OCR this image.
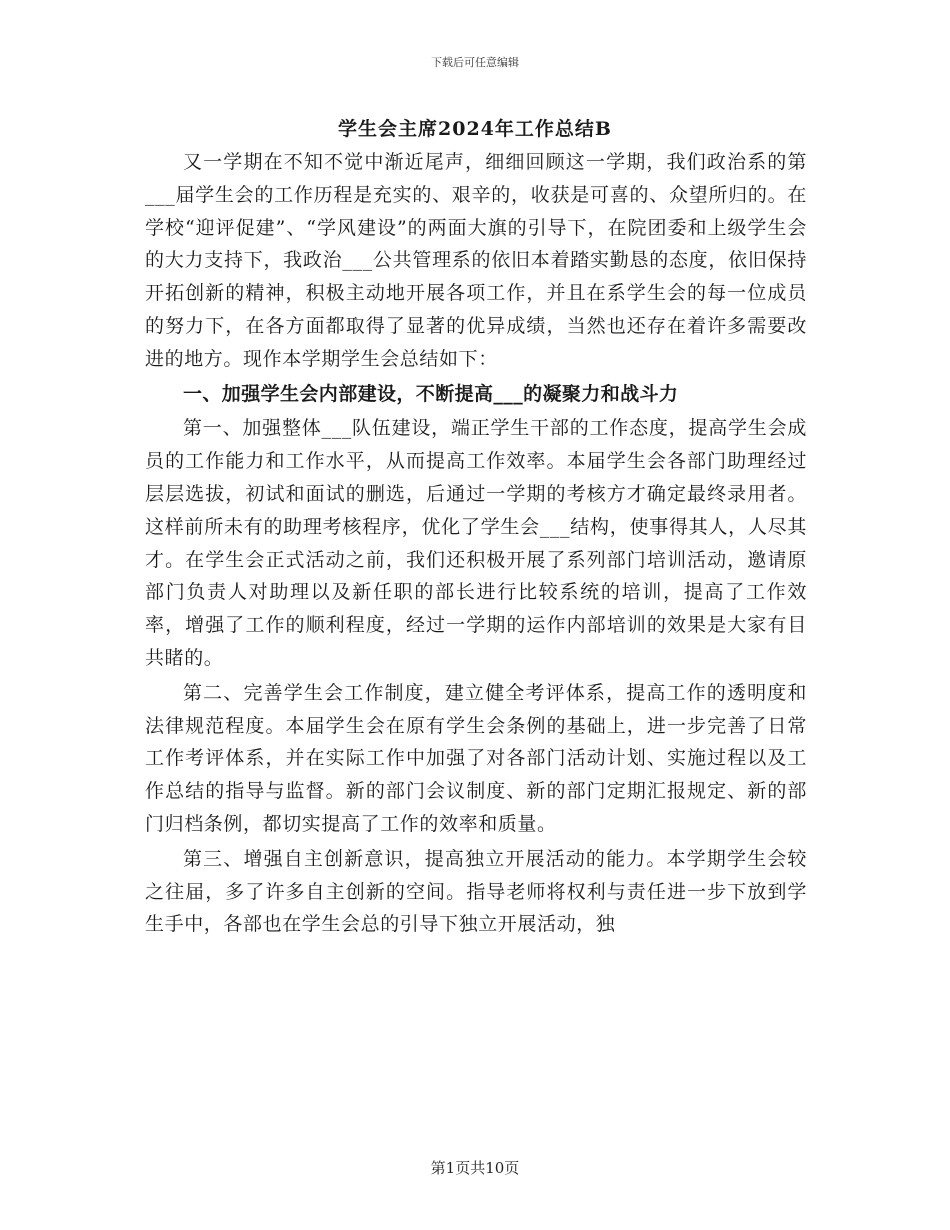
下载后可任意编辑
学生会主席2024年工作总结B

又一学期在不知不觉中渐近尾声，细细回顾这一学期，我们政治系的第___届学生会的工作历程是充实的、艰辛的，收获是可喜的、众望所归的。在学校“迎评促建”、“学风建设”的两面大旗的引导下，在院团委和上级学生会的大力支持下，我政治___公共管理系的依旧本着踏实勤恳的态度，依旧保持开拓创新的精神，积极主动地开展各项工作，并且在系学生会的每一位成员的努力下，在各方面都取得了显著的优异成绩，当然也还存在着许多需要改进的地方。现作本学期学生会总结如下：

一、加强学生会内部建设，不断提高___的凝聚力和战斗力

第一、加强整体___队伍建设，端正学生干部的工作态度，提高学生会成员的工作能力和工作水平，从而提高工作效率。本届学生会各部门助理经过层层选拔，初试和面试的删选，后通过一学期的考核方才确定最终录用者。这样前所未有的助理考核程序，优化了学生会___结构，使事得其人，人尽其才。在学生会正式活动之前，我们还积极开展了系列部门培训活动，邀请原部门负责人对助理以及新任职的部长进行比较系统的培训，提高了工作效率，增强了工作的顺利程度，经过一学期的运作内部培训的效果是大家有目共睹的。

第二、完善学生会工作制度，建立健全考评体系，提高工作的透明度和法律规范程度。本届学生会在原有学生会条例的基础上，进一步完善了日常工作考评体系，并在实际工作中加强了对各部门活动计划、实施过程以及工作总结的指导与监督。新的部门会议制度、新的部门定期汇报规定、新的部门归档条例，都切实提高了工作的效率和质量。

第三、增强自主创新意识，提高独立开展活动的能力。本学期学生会较之往届，多了许多自主创新的空间。指导老师将权利与责任进一步下放到学生手中，各部也在学生会总的引导下独立开展活动，独

第1页共10页
